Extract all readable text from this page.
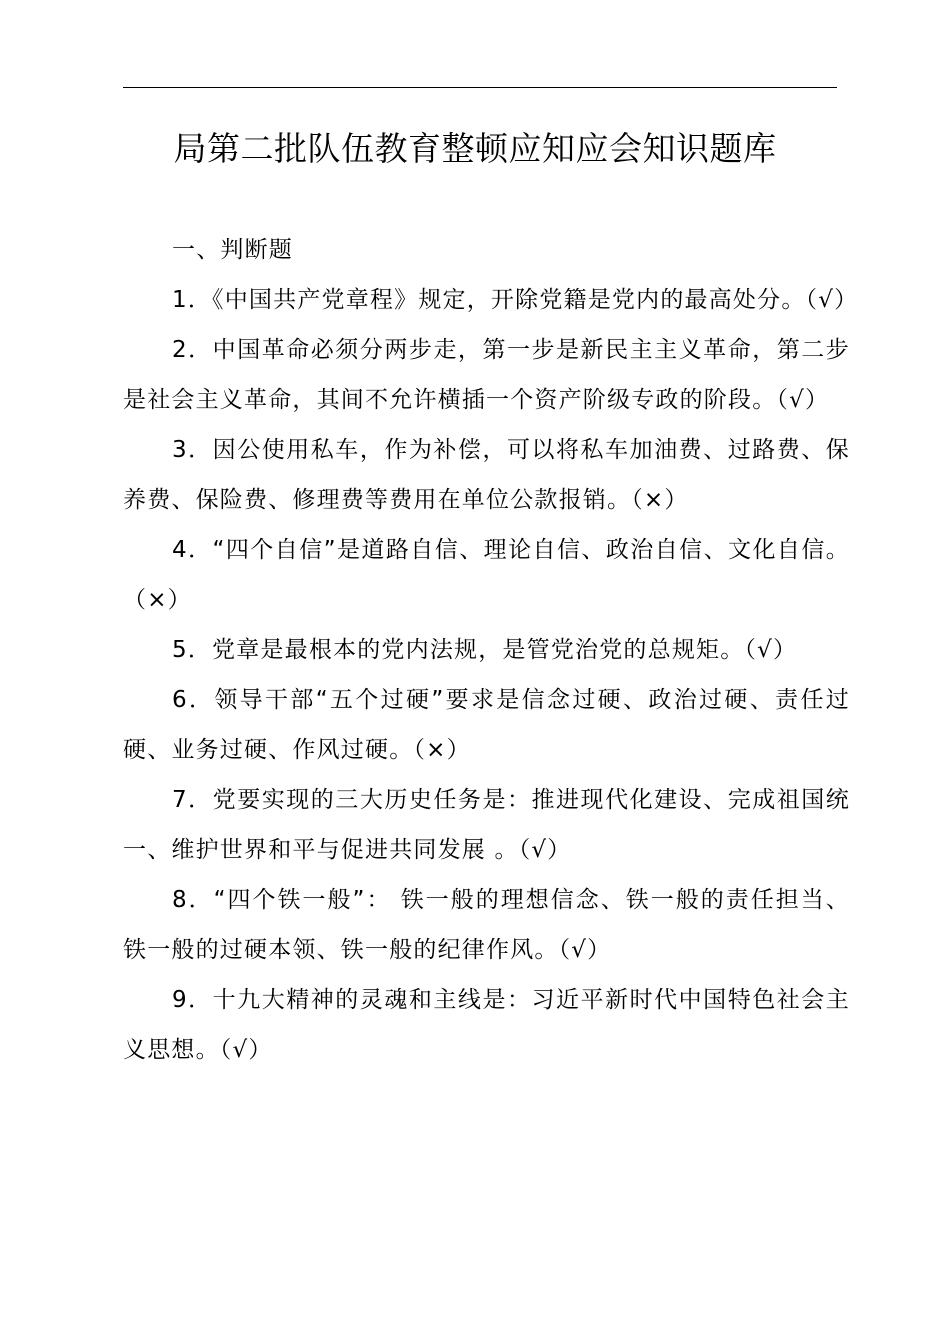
局第二批队伍教育整顿应知应会知识题库

一、判断题

1．《中国共产党章程》规定，开除党籍是党内的最高处分。（√）

2．中国革命必须分两步走，第一步是新民主主义革命，第二步是社会主义革命，其间不允许横插一个资产阶级专政的阶段。（√）

3．因公使用私车，作为补偿，可以将私车加油费、过路费、保养费、保险费、修理费等费用在单位公款报销。（×）

4．“四个自信”是道路自信、理论自信、政治自信、文化自信。（×）

5．党章是最根本的党内法规，是管党治党的总规矩。（√）

6．领导干部“五个过硬”要求是信念过硬、政治过硬、责任过硬、业务过硬、作风过硬。（×）

7．党要实现的三大历史任务是：推进现代化建设、完成祖国统一、维护世界和平与促进共同发展 。（√）

8．“四个铁一般”： 铁一般的理想信念、铁一般的责任担当、铁一般的过硬本领、铁一般的纪律作风。（√）

9．十九大精神的灵魂和主线是：习近平新时代中国特色社会主义思想。（√）
